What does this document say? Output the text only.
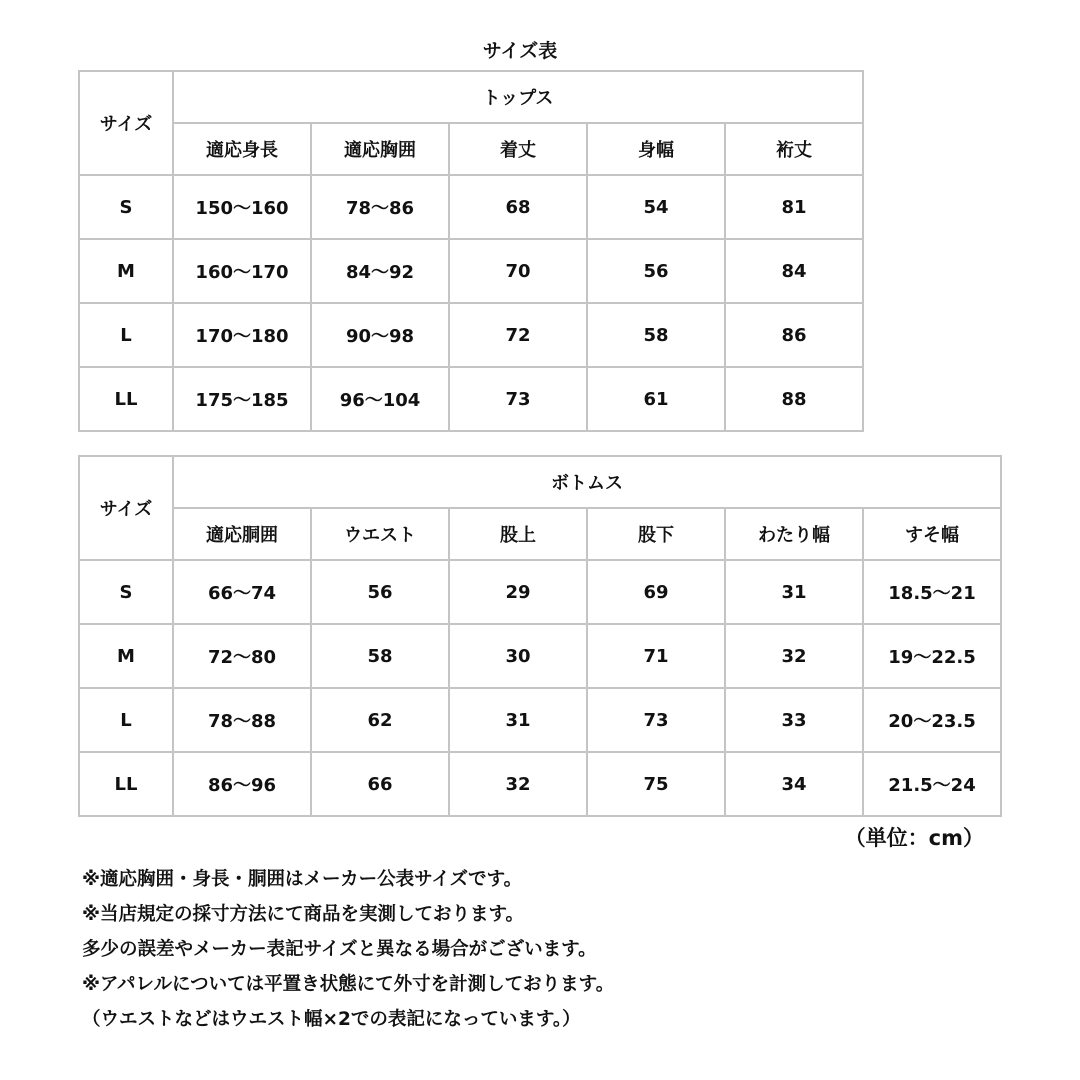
サイズ表
サイズ	トップス				
	適応身長	適応胸囲	着丈	身幅	裄丈
S	150～160	78～86	68	54	81
M	160～170	84～92	70	56	84
L	170～180	90～98	72	58	86
LL	175～185	96～104	73	61	88
サイズ	ボトムス					
	適応胴囲	ウエスト	股上	股下	わたり幅	すそ幅
S	66～74	56	29	69	31	18.5～21
M	72～80	58	30	71	32	19～22.5
L	78～88	62	31	73	33	20～23.5
LL	86～96	66	32	75	34	21.5～24
（単位：cm）
※適応胸囲・身長・胴囲はメーカー公表サイズです。
※当店規定の採寸方法にて商品を実測しております。
多少の誤差やメーカー表記サイズと異なる場合がございます。
※アパレルについては平置き状態にて外寸を計測しております。
（ウエストなどはウエスト幅×2での表記になっています。）
